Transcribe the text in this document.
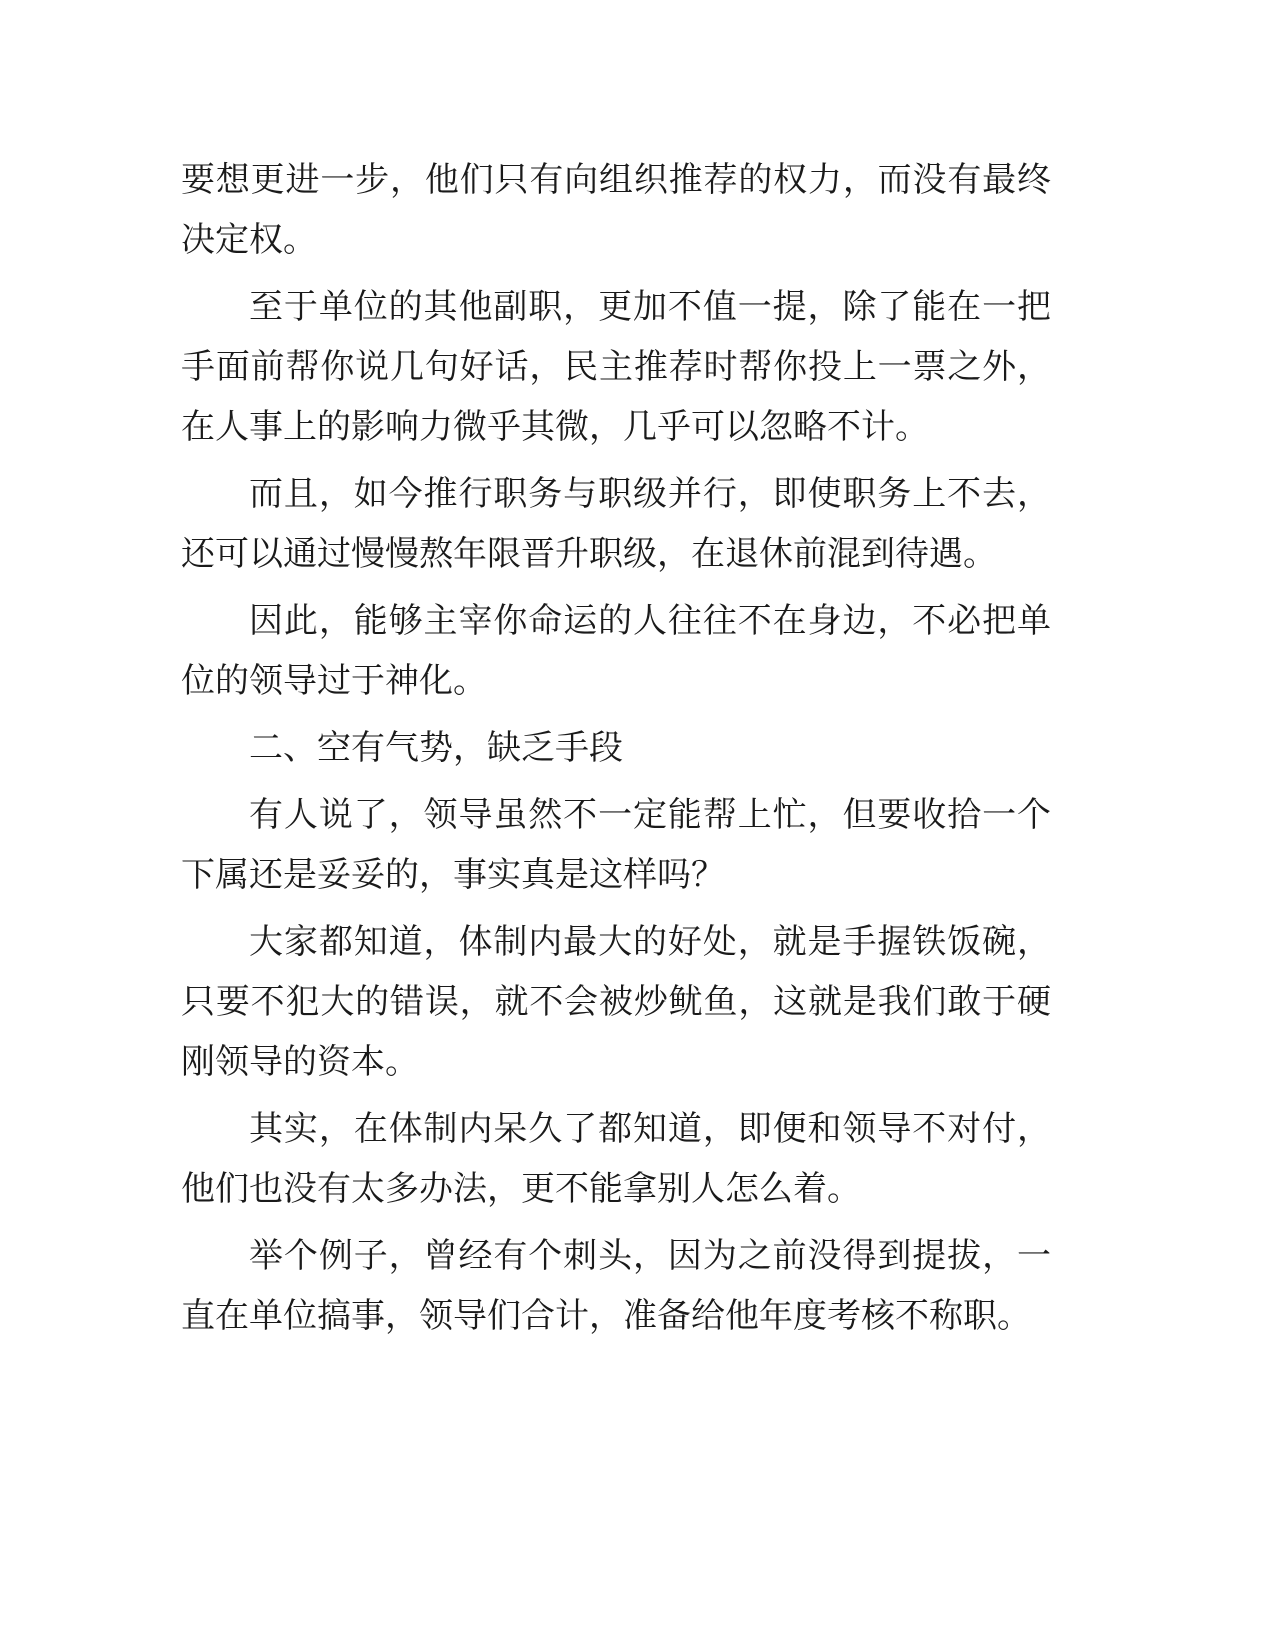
要想更进一步，他们只有向组织推荐的权力，而没有最终决定权。

至于单位的其他副职，更加不值一提，除了能在一把手面前帮你说几句好话，民主推荐时帮你投上一票之外，在人事上的影响力微乎其微，几乎可以忽略不计。

而且，如今推行职务与职级并行，即使职务上不去，还可以通过慢慢熬年限晋升职级，在退休前混到待遇。

因此，能够主宰你命运的人往往不在身边，不必把单位的领导过于神化。

二、空有气势，缺乏手段

有人说了，领导虽然不一定能帮上忙，但要收拾一个下属还是妥妥的，事实真是这样吗？

大家都知道，体制内最大的好处，就是手握铁饭碗，只要不犯大的错误，就不会被炒鱿鱼，这就是我们敢于硬刚领导的资本。

其实，在体制内呆久了都知道，即便和领导不对付，他们也没有太多办法，更不能拿别人怎么着。

举个例子，曾经有个刺头，因为之前没得到提拔，一直在单位搞事，领导们合计，准备给他年度考核不称职。
